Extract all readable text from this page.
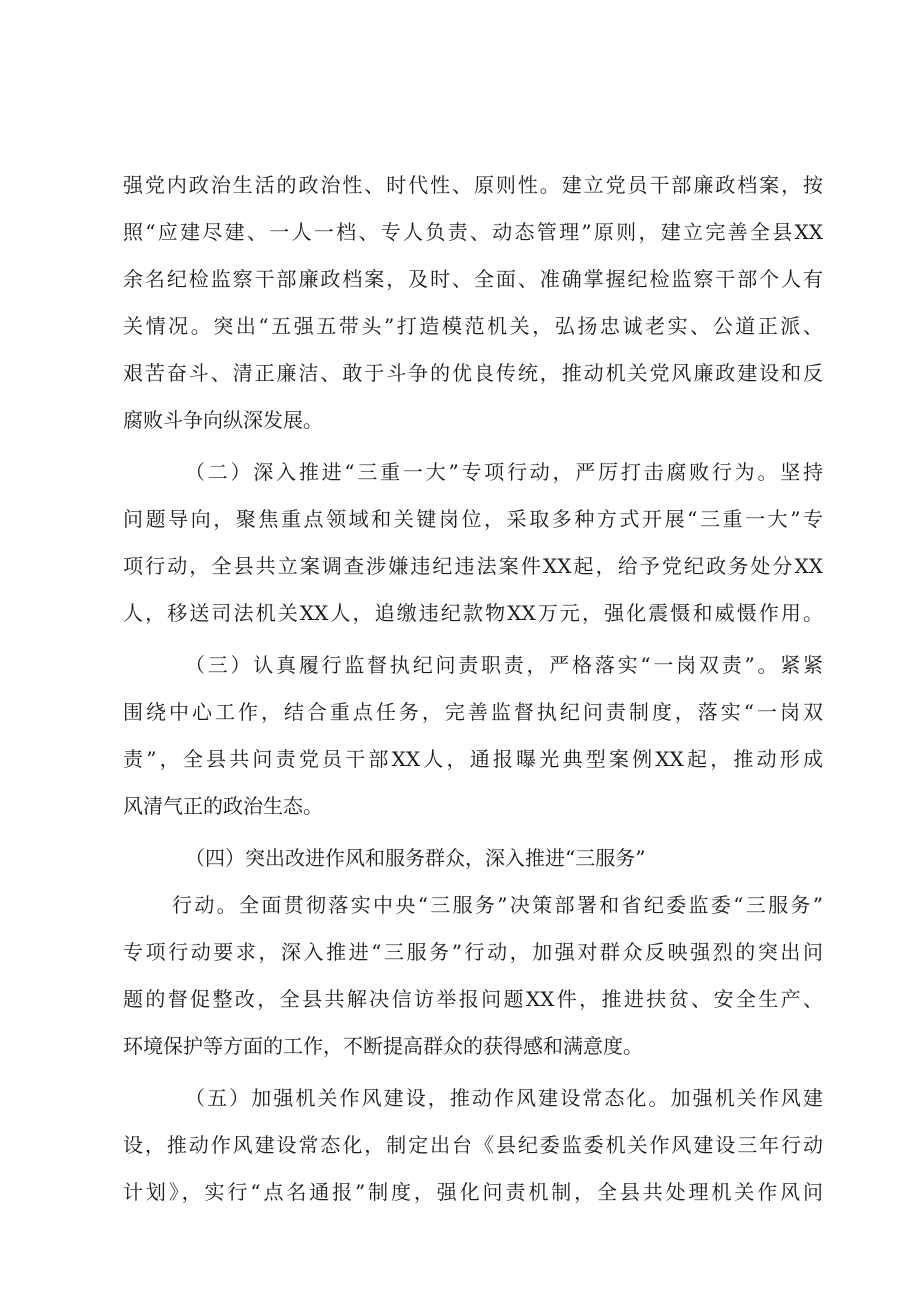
强党内政治生活的政治性、时代性、原则性。建立党员干部廉政档案，按
照“应建尽建、一人一档、专人负责、动态管理”原则，建立完善全县XX
余名纪检监察干部廉政档案，及时、全面、准确掌握纪检监察干部个人有
关情况。突出“五强五带头”打造模范机关，弘扬忠诚老实、公道正派、
艰苦奋斗、清正廉洁、敢于斗争的优良传统，推动机关党风廉政建设和反
腐败斗争向纵深发展。
（二）深入推进“三重一大”专项行动，严厉打击腐败行为。坚持
问题导向，聚焦重点领域和关键岗位，采取多种方式开展“三重一大”专
项行动，全县共立案调查涉嫌违纪违法案件XX起，给予党纪政务处分XX
人，移送司法机关XX人，追缴违纪款物XX万元，强化震慑和威慑作用。
（三）认真履行监督执纪问责职责，严格落实“一岗双责”。紧紧
围绕中心工作，结合重点任务，完善监督执纪问责制度，落实“一岗双
责”，全县共问责党员干部XX人，通报曝光典型案例XX起，推动形成
风清气正的政治生态。
（四）突出改进作风和服务群众，深入推进“三服务”
行动。全面贯彻落实中央“三服务”决策部署和省纪委监委“三服务”
专项行动要求，深入推进“三服务”行动，加强对群众反映强烈的突出问
题的督促整改，全县共解决信访举报问题XX件，推进扶贫、安全生产、
环境保护等方面的工作，不断提高群众的获得感和满意度。
（五）加强机关作风建设，推动作风建设常态化。加强机关作风建
设，推动作风建设常态化，制定出台《县纪委监委机关作风建设三年行动
计划》，实行“点名通报”制度，强化问责机制，全县共处理机关作风问
